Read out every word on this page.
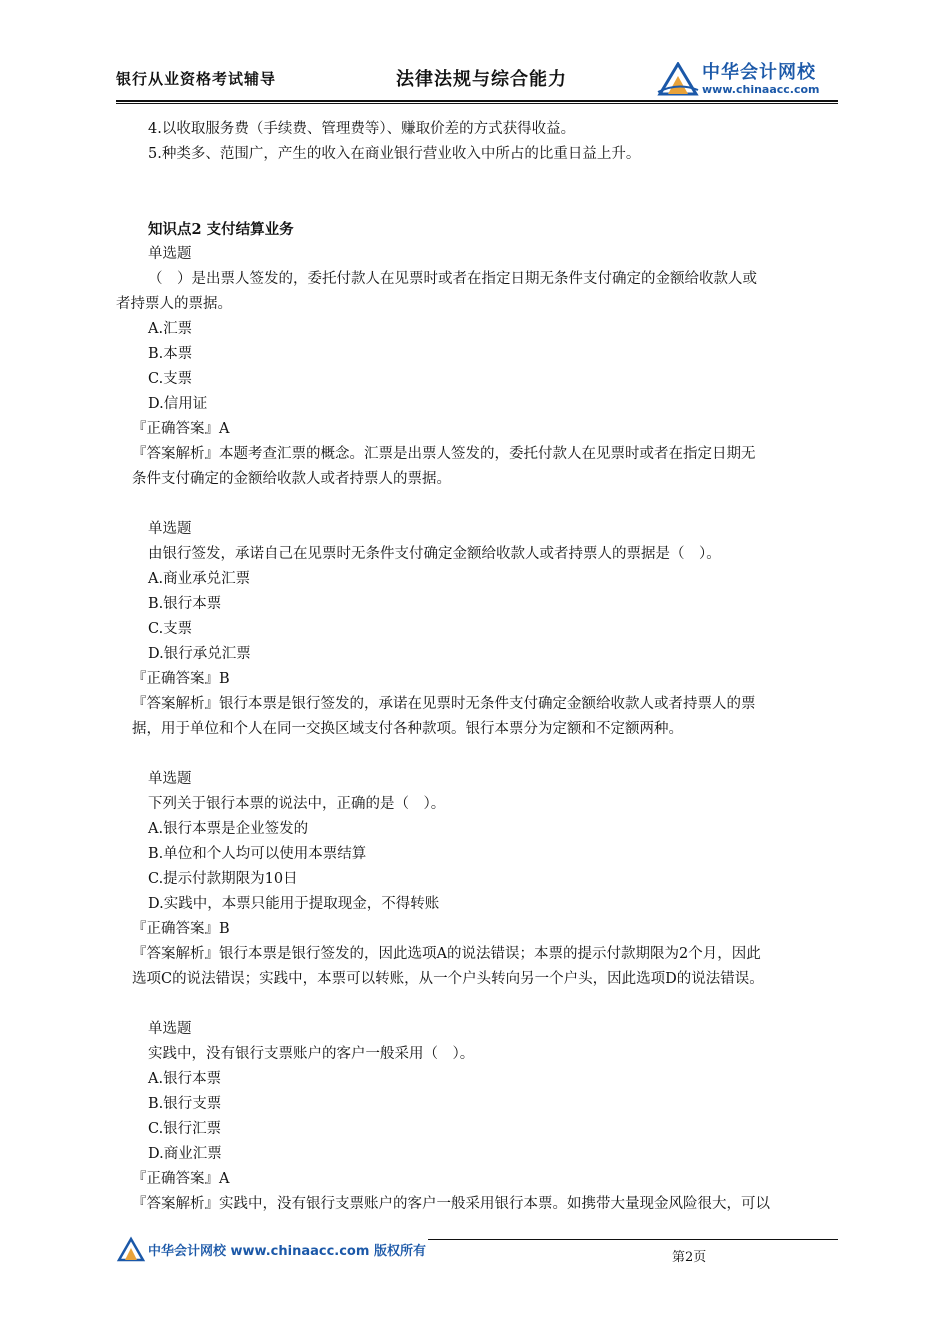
银行从业资格考试辅导	法律法规与综合能力	中华会计网校
www.chinaacc.com
4.以收取服务费（手续费、管理费等）、赚取价差的方式获得收益。
5.种类多、范围广，产生的收入在商业银行营业收入中所占的比重日益上升。
知识点2 支付结算业务
单选题
（　）是出票人签发的，委托付款人在见票时或者在指定日期无条件支付确定的金额给收款人或
者持票人的票据。
A.汇票
B.本票
C.支票
D.信用证
『正确答案』A
『答案解析』本题考查汇票的概念。汇票是出票人签发的，委托付款人在见票时或者在指定日期无
条件支付确定的金额给收款人或者持票人的票据。
单选题
由银行签发，承诺自己在见票时无条件支付确定金额给收款人或者持票人的票据是（　）。
A.商业承兑汇票
B.银行本票
C.支票
D.银行承兑汇票
『正确答案』B
『答案解析』银行本票是银行签发的，承诺在见票时无条件支付确定金额给收款人或者持票人的票
据，用于单位和个人在同一交换区域支付各种款项。银行本票分为定额和不定额两种。
单选题
下列关于银行本票的说法中，正确的是（　）。
A.银行本票是企业签发的
B.单位和个人均可以使用本票结算
C.提示付款期限为10日
D.实践中，本票只能用于提取现金，不得转账
『正确答案』B
『答案解析』银行本票是银行签发的，因此选项A的说法错误；本票的提示付款期限为2个月，因此
选项C的说法错误；实践中，本票可以转账，从一个户头转向另一个户头，因此选项D的说法错误。
单选题
实践中，没有银行支票账户的客户一般采用（　）。
A.银行本票
B.银行支票
C.银行汇票
D.商业汇票
『正确答案』A
『答案解析』实践中，没有银行支票账户的客户一般采用银行本票。如携带大量现金风险很大，可以
中华会计网校 www.chinaacc.com 版权所有	第2页
